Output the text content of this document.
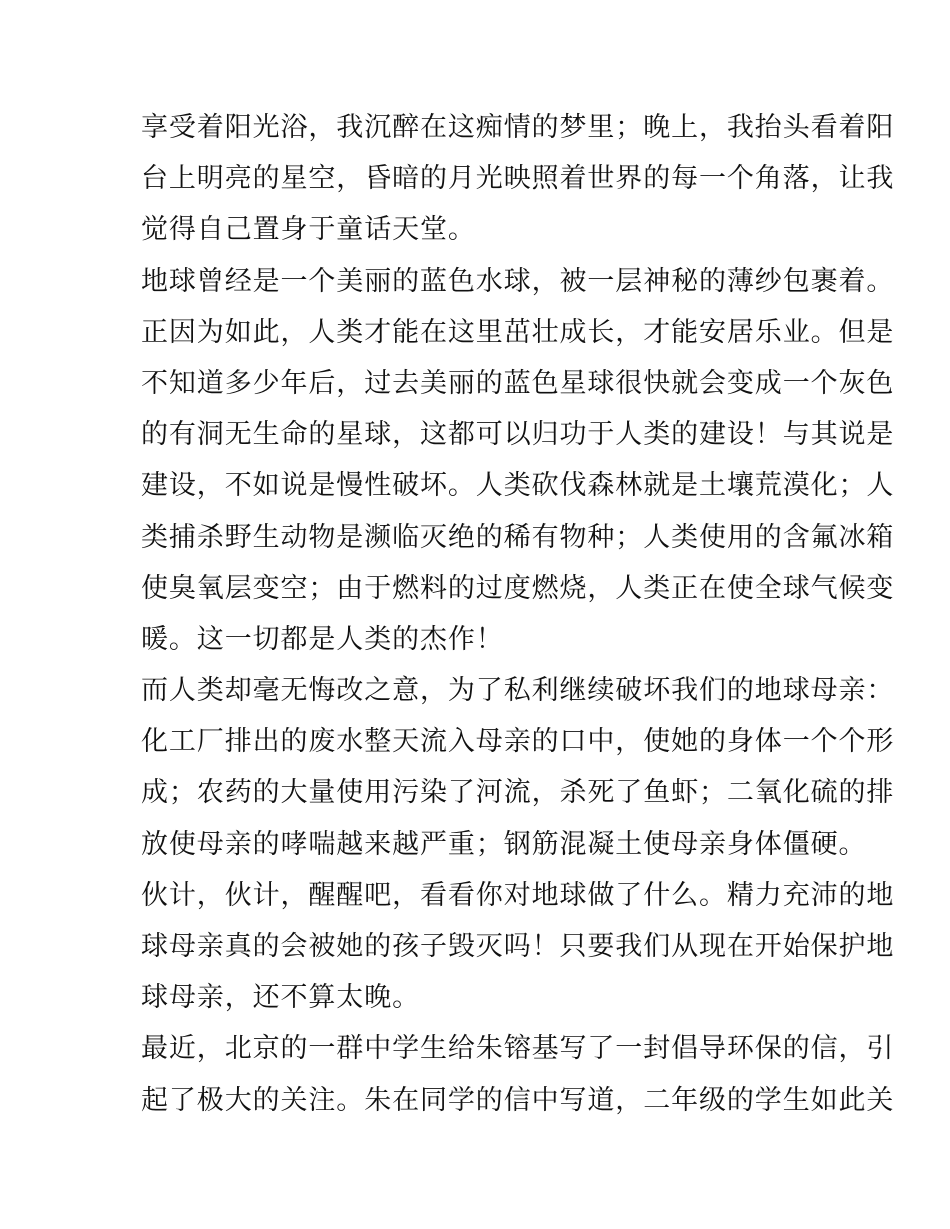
享受着阳光浴，我沉醉在这痴情的梦里；晚上，我抬头看着阳
台上明亮的星空，昏暗的月光映照着世界的每一个角落，让我
觉得自己置身于童话天堂。
地球曾经是一个美丽的蓝色水球，被一层神秘的薄纱包裹着。
正因为如此，人类才能在这里茁壮成长，才能安居乐业。但是
不知道多少年后，过去美丽的蓝色星球很快就会变成一个灰色
的有洞无生命的星球，这都可以归功于人类的建设！与其说是
建设，不如说是慢性破坏。人类砍伐森林就是土壤荒漠化；人
类捕杀野生动物是濒临灭绝的稀有物种；人类使用的含氟冰箱
使臭氧层变空；由于燃料的过度燃烧，人类正在使全球气候变
暖。这一切都是人类的杰作！
而人类却毫无悔改之意，为了私利继续破坏我们的地球母亲：
化工厂排出的废水整天流入母亲的口中，使她的身体一个个形
成；农药的大量使用污染了河流，杀死了鱼虾；二氧化硫的排
放使母亲的哮喘越来越严重；钢筋混凝土使母亲身体僵硬。
伙计，伙计，醒醒吧，看看你对地球做了什么。精力充沛的地
球母亲真的会被她的孩子毁灭吗！只要我们从现在开始保护地
球母亲，还不算太晚。
最近，北京的一群中学生给朱镕基写了一封倡导环保的信，引
起了极大的关注。朱在同学的信中写道，二年级的学生如此关
